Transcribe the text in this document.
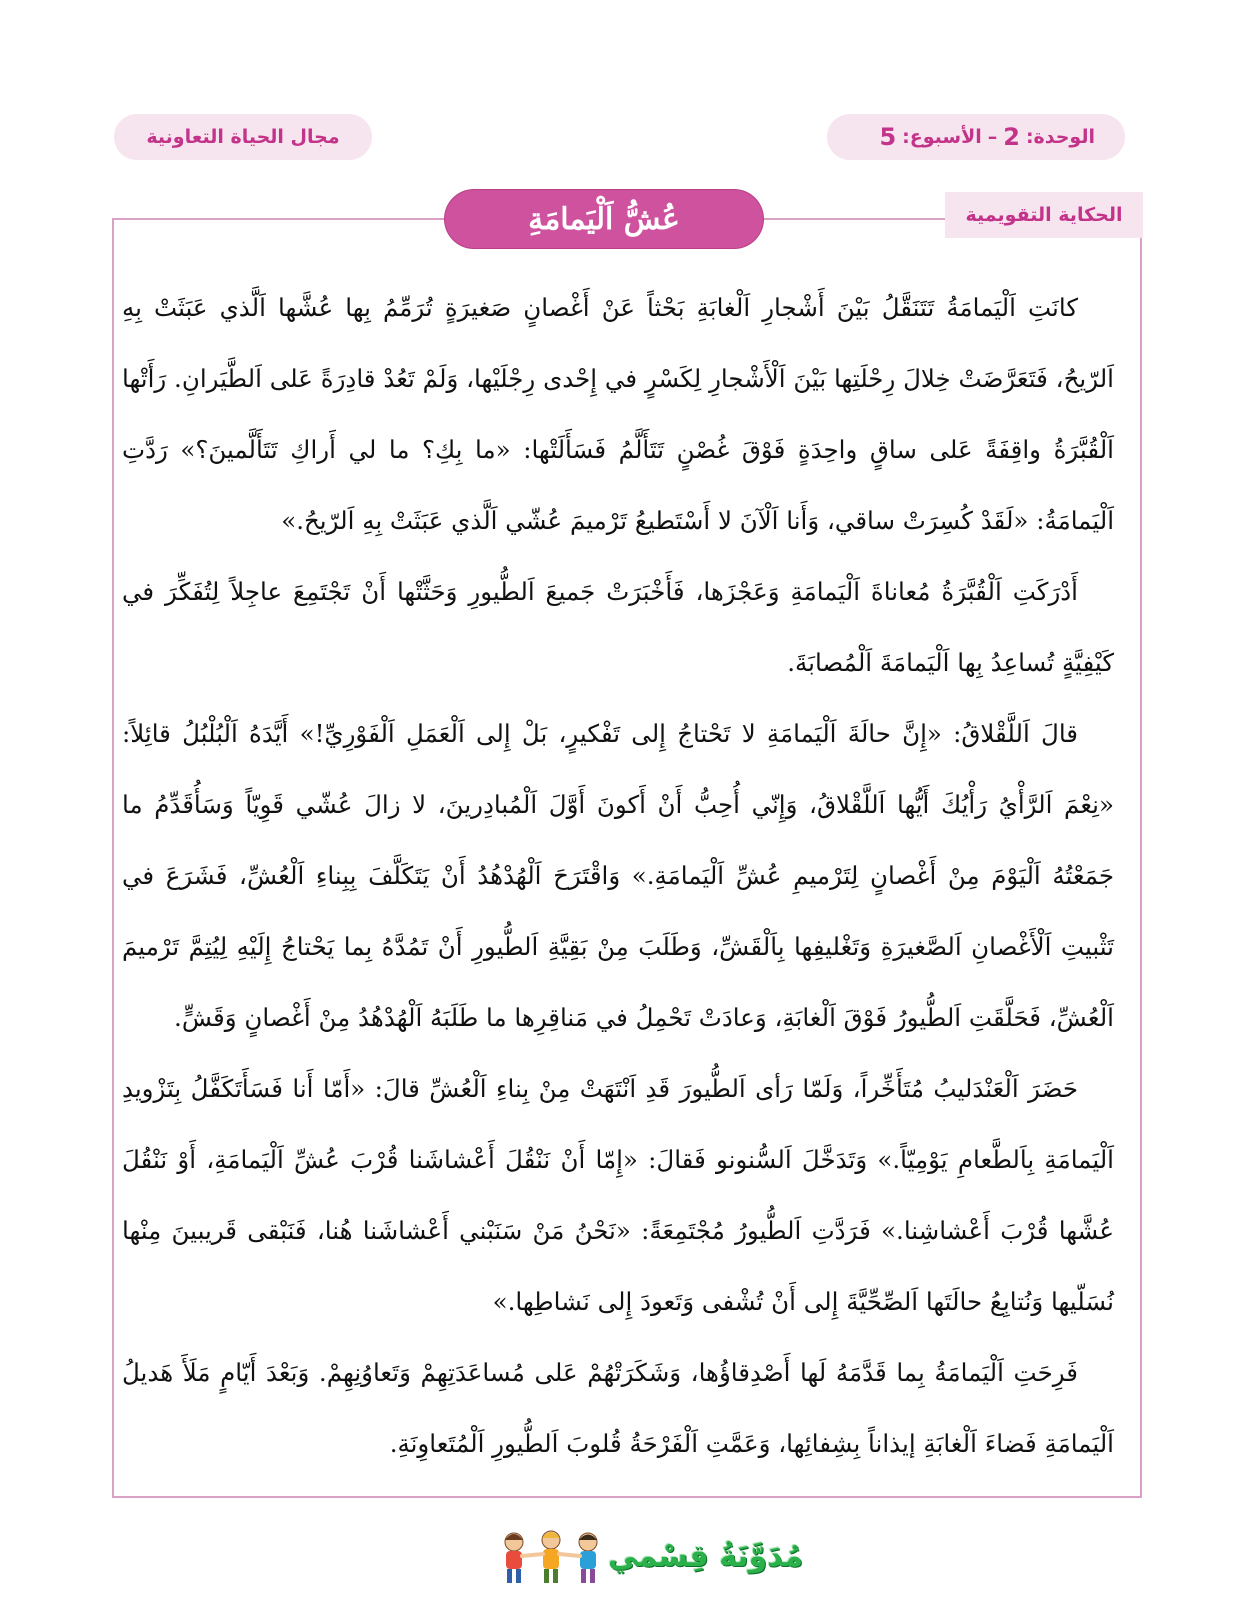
الوحدة:
2
–
الأسبوع:
5
مجال الحياة التعاونية
الحكاية التقويمية
عُشُّ اَلْيَمامَةِ

كانَتِ اَلْيَمامَةُ تَتَنَقَّلُ بَيْنَ أَشْجارِ اَلْغابَةِ بَحْثاً عَنْ أَغْصانٍ صَغيرَةٍ تُرَمِّمُ بِها عُشَّها اَلَّذي عَبَثَتْ بِهِ اَلرّيحُ، فَتَعَرَّضَتْ خِلالَ رِحْلَتِها بَيْنَ اَلْأَشْجارِ لِكَسْرٍ في إِحْدى رِجْلَيْها، وَلَمْ تَعُدْ قادِرَةً عَلى اَلطَّيَرانِ. رَأَتْها اَلْقُبَّرَةُ واقِفَةً عَلى ساقٍ واحِدَةٍ فَوْقَ غُصْنٍ تَتَأَلَّمُ فَسَأَلَتْها: «ما بِكِ؟ ما لي أَراكِ تَتَأَلَّمينَ؟» رَدَّتِ اَلْيَمامَةُ: «لَقَدْ كُسِرَتْ ساقي، وَأَنا اَلْآنَ لا أَسْتَطيعُ تَرْميمَ عُشّي اَلَّذي عَبَثَتْ بِهِ اَلرّيحُ.»

أَدْرَكَتِ اَلْقُبَّرَةُ مُعاناةَ اَلْيَمامَةِ وَعَجْزَها، فَأَخْبَرَتْ جَميعَ اَلطُّيورِ وَحَثَّتْها أَنْ تَجْتَمِعَ عاجِلاً لِتُفَكِّرَ في كَيْفِيَّةٍ تُساعِدُ بِها اَلْيَمامَةَ اَلْمُصابَةَ.

قالَ اَللَّقْلاقُ: «إِنَّ حالَةَ اَلْيَمامَةِ لا تَحْتاجُ إِلى تَفْكيرٍ، بَلْ إِلى اَلْعَمَلِ اَلْفَوْرِيِّ!» أَيَّدَهُ اَلْبُلْبُلُ قائِلاً: «نِعْمَ اَلرَّأْيُ رَأْيُكَ أَيُّها اَللَّقْلاقُ، وَإِنّي أُحِبُّ أَنْ أَكونَ أَوَّلَ اَلْمُبادِرينَ، لا زالَ عُشّي قَوِيّاً وَسَأُقَدِّمُ ما جَمَعْتُهُ اَلْيَوْمَ مِنْ أَغْصانٍ لِتَرْميمِ عُشِّ اَلْيَمامَةِ.» وَاقْتَرَحَ اَلْهُدْهُدُ أَنْ يَتَكَلَّفَ بِبِناءِ اَلْعُشِّ، فَشَرَعَ في تَثْبيتِ اَلْأَغْصانِ اَلصَّغيرَةِ وَتَغْليفِها بِاَلْقَشِّ، وَطَلَبَ مِنْ بَقِيَّةِ اَلطُّيورِ أَنْ تَمُدَّهُ بِما يَحْتاجُ إِلَيْهِ لِيُتِمَّ تَرْميمَ اَلْعُشِّ، فَحَلَّقَتِ اَلطُّيورُ فَوْقَ اَلْغابَةِ، وَعادَتْ تَحْمِلُ في مَناقِرِها ما طَلَبَهُ اَلْهُدْهُدُ مِنْ أَغْصانٍ وَقَشٍّ.

حَضَرَ اَلْعَنْدَليبُ مُتَأَخِّراً، وَلَمّا رَأى اَلطُّيورَ قَدِ اَنْتَهَتْ مِنْ بِناءِ اَلْعُشِّ قالَ: «أَمّا أَنا فَسَأَتَكَفَّلُ بِتَزْويدِ اَلْيَمامَةِ بِاَلطَّعامِ يَوْمِيّاً.» وَتَدَخَّلَ اَلسُّنونو فَقالَ: «إِمّا أَنْ نَنْقُلَ أَعْشاشَنا قُرْبَ عُشِّ اَلْيَمامَةِ، أَوْ نَنْقُلَ عُشَّها قُرْبَ أَعْشاشِنا.» فَرَدَّتِ اَلطُّيورُ مُجْتَمِعَةً: «نَحْنُ مَنْ سَنَبْني أَعْشاشَنا هُنا، فَنَبْقى قَريبينَ مِنْها نُسَلّيها وَنُتابِعُ حالَتَها اَلصِّحِّيَّةَ إِلى أَنْ تُشْفى وَتَعودَ إِلى نَشاطِها.»

فَرِحَتِ اَلْيَمامَةُ بِما قَدَّمَهُ لَها أَصْدِقاؤُها، وَشَكَرَتْهُمْ عَلى مُساعَدَتِهِمْ وَتَعاوُنِهِمْ. وَبَعْدَ أَيّامٍ مَلَأَ هَديلُ اَلْيَمامَةِ فَضاءَ اَلْغابَةِ إيذاناً بِشِفائِها، وَعَمَّتِ اَلْفَرْحَةُ قُلوبَ اَلطُّيورِ اَلْمُتَعاوِنَةِ.

مُدَوَّنَةُ قِسْمي
